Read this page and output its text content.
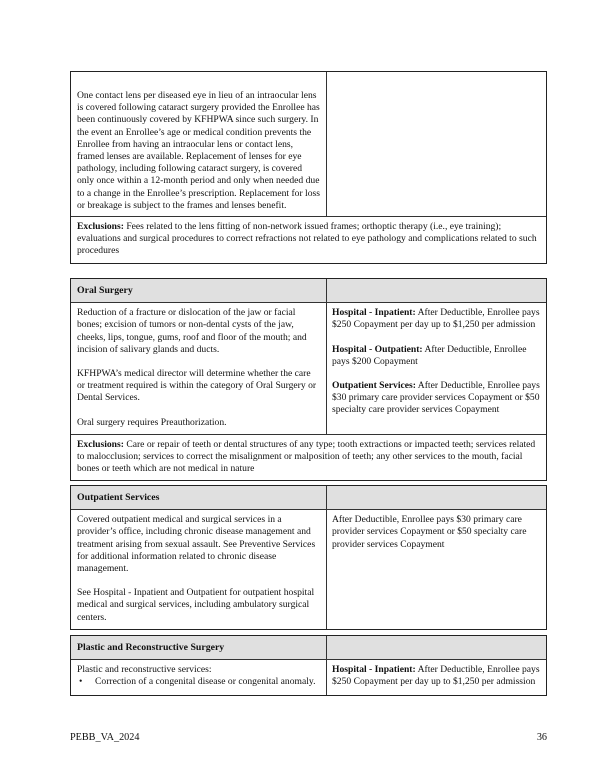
One contact lens per diseased eye in lieu of an intraocular lens is covered following cataract surgery provided the Enrollee has been continuously covered by KFHPWA since such surgery. In the event an Enrollee’s age or medical condition prevents the Enrollee from having an intraocular lens or contact lens, framed lenses are available. Replacement of lenses for eye pathology, including following cataract surgery, is covered only once within a 12-month period and only when needed due to a change in the Enrollee’s prescription. Replacement for loss or breakage is subject to the frames and lenses benefit.
Exclusions: Fees related to the lens fitting of non-network issued frames; orthoptic therapy (i.e., eye training); evaluations and surgical procedures to correct refractions not related to eye pathology and complications related to such procedures
Oral Surgery

Reduction of a fracture or dislocation of the jaw or facial bones; excision of tumors or non-dental cysts of the jaw, cheeks, lips, tongue, gums, roof and floor of the mouth; and incision of salivary glands and ducts.

KFHPWA’s medical director will determine whether the care or treatment required is within the category of Oral Surgery or Dental Services.

Oral surgery requires Preauthorization.

Hospital - Inpatient: After Deductible, Enrollee pays $250 Copayment per day up to $1,250 per admission

Hospital - Outpatient: After Deductible, Enrollee pays $200 Copayment

Outpatient Services: After Deductible, Enrollee pays $30 primary care provider services Copayment or $50 specialty care provider services Copayment

Exclusions: Care or repair of teeth or dental structures of any type; tooth extractions or impacted teeth; services related to malocclusion; services to correct the misalignment or malposition of teeth; any other services to the mouth, facial bones or teeth which are not medical in nature
Outpatient Services

Covered outpatient medical and surgical services in a provider’s office, including chronic disease management and treatment arising from sexual assault. See Preventive Services for additional information related to chronic disease management.

See Hospital - Inpatient and Outpatient for outpatient hospital medical and surgical services, including ambulatory surgical centers.

After Deductible, Enrollee pays $30 primary care provider services Copayment or $50 specialty care provider services Copayment
Plastic and Reconstructive Surgery

Plastic and reconstructive services:

•	Correction of a congenital disease or congenital anomaly.

Hospital - Inpatient: After Deductible, Enrollee pays $250 Copayment per day up to $1,250 per admission

PEBB_VA_2024	36
